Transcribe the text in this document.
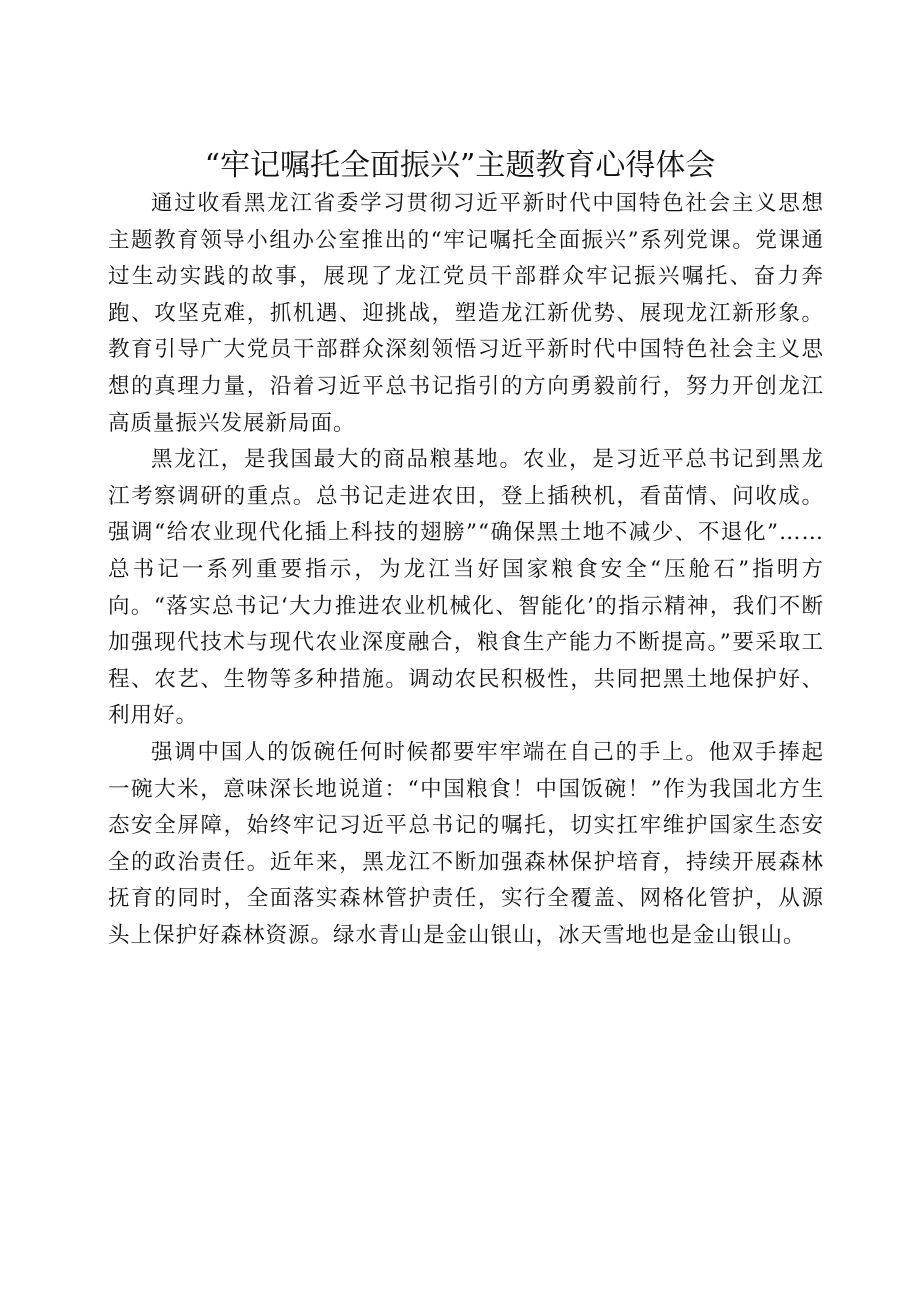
“牢记嘱托全面振兴”主题教育心得体会

通过收看黑龙江省委学习贯彻习近平新时代中国特色社会主义思想主题教育领导小组办公室推出的“牢记嘱托全面振兴”系列党课。党课通过生动实践的故事，展现了龙江党员干部群众牢记振兴嘱托、奋力奔跑、攻坚克难，抓机遇、迎挑战，塑造龙江新优势、展现龙江新形象。教育引导广大党员干部群众深刻领悟习近平新时代中国特色社会主义思想的真理力量，沿着习近平总书记指引的方向勇毅前行，努力开创龙江高质量振兴发展新局面。

黑龙江，是我国最大的商品粮基地。农业，是习近平总书记到黑龙江考察调研的重点。总书记走进农田，登上插秧机，看苗情、问收成。强调“给农业现代化插上科技的翅膀”“确保黑土地不减少、不退化”……总书记一系列重要指示，为龙江当好国家粮食安全“压舱石”指明方向。“落实总书记‘大力推进农业机械化、智能化’的指示精神，我们不断加强现代技术与现代农业深度融合，粮食生产能力不断提高。”要采取工程、农艺、生物等多种措施。调动农民积极性，共同把黑土地保护好、利用好。

强调中国人的饭碗任何时候都要牢牢端在自己的手上。他双手捧起一碗大米，意味深长地说道：“中国粮食！中国饭碗！”作为我国北方生态安全屏障，始终牢记习近平总书记的嘱托，切实扛牢维护国家生态安全的政治责任。近年来，黑龙江不断加强森林保护培育，持续开展森林抚育的同时，全面落实森林管护责任，实行全覆盖、网格化管护，从源头上保护好森林资源。绿水青山是金山银山，冰天雪地也是金山银山。
